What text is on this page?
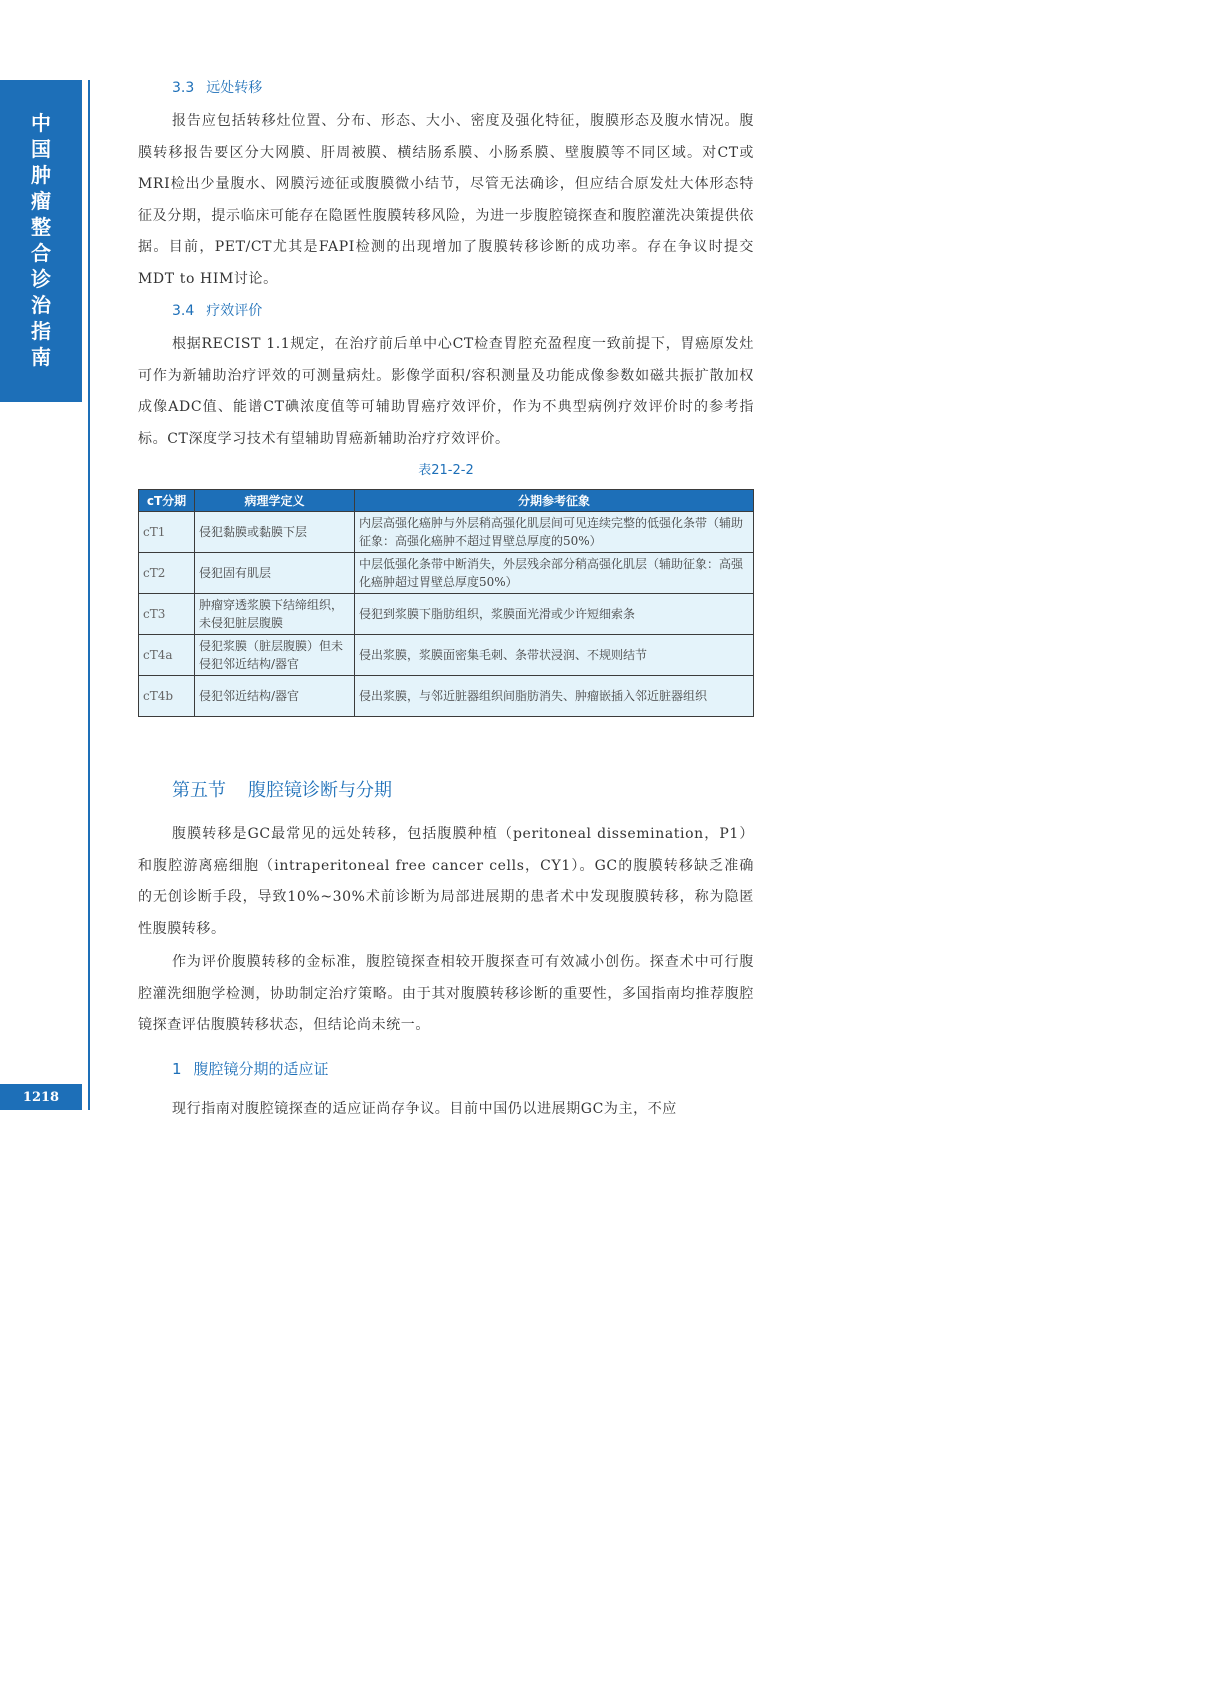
中
国
肿
瘤
整
合
诊
治
指
南
1218
3.3 远处转移

报告应包括转移灶位置、分布、形态、大小、密度及强化特征，腹膜形态及腹水情况。腹膜转移报告要区分大网膜、肝周被膜、横结肠系膜、小肠系膜、壁腹膜等不同区域。对CT或MRI检出少量腹水、网膜污迹征或腹膜微小结节，尽管无法确诊，但应结合原发灶大体形态特征及分期，提示临床可能存在隐匿性腹膜转移风险，为进一步腹腔镜探查和腹腔灌洗决策提供依据。目前，PET/CT尤其是FAPI检测的出现增加了腹膜转移诊断的成功率。存在争议时提交MDT to HIM讨论。

3.4 疗效评价

根据RECIST 1.1规定，在治疗前后单中心CT检查胃腔充盈程度一致前提下，胃癌原发灶可作为新辅助治疗评效的可测量病灶。影像学面积/容积测量及功能成像参数如磁共振扩散加权成像ADC值、能谱CT碘浓度值等可辅助胃癌疗效评价，作为不典型病例疗效评价时的参考指标。CT深度学习技术有望辅助胃癌新辅助治疗疗效评价。

表21-2-2
cT分期	病理学定义	分期参考征象
cT1	侵犯黏膜或黏膜下层	内层高强化癌肿与外层稍高强化肌层间可见连续完整的低强化条带（辅助征象：高强化癌肿不超过胃壁总厚度的50%）
cT2	侵犯固有肌层	中层低强化条带中断消失，外层残余部分稍高强化肌层（辅助征象：高强化癌肿超过胃壁总厚度50%）
cT3	肿瘤穿透浆膜下结缔组织，未侵犯脏层腹膜	侵犯到浆膜下脂肪组织，浆膜面光滑或少许短细索条
cT4a	侵犯浆膜（脏层腹膜）但未侵犯邻近结构/器官	侵出浆膜，浆膜面密集毛刺、条带状浸润、不规则结节
cT4b	侵犯邻近结构/器官	侵出浆膜，与邻近脏器组织间脂肪消失、肿瘤嵌插入邻近脏器组织
第五节 腹腔镜诊断与分期

腹膜转移是GC最常见的远处转移，包括腹膜种植（peritoneal dissemination，P1）和腹腔游离癌细胞（intraperitoneal free cancer cells，CY1）。GC的腹膜转移缺乏准确的无创诊断手段，导致10%~30%术前诊断为局部进展期的患者术中发现腹膜转移，称为隐匿性腹膜转移。

作为评价腹膜转移的金标准，腹腔镜探查相较开腹探查可有效减小创伤。探查术中可行腹腔灌洗细胞学检测，协助制定治疗策略。由于其对腹膜转移诊断的重要性，多国指南均推荐腹腔镜探查评估腹膜转移状态，但结论尚未统一。

1 腹腔镜分期的适应证

现行指南对腹腔镜探查的适应证尚存争议。目前中国仍以进展期GC为主，不应
